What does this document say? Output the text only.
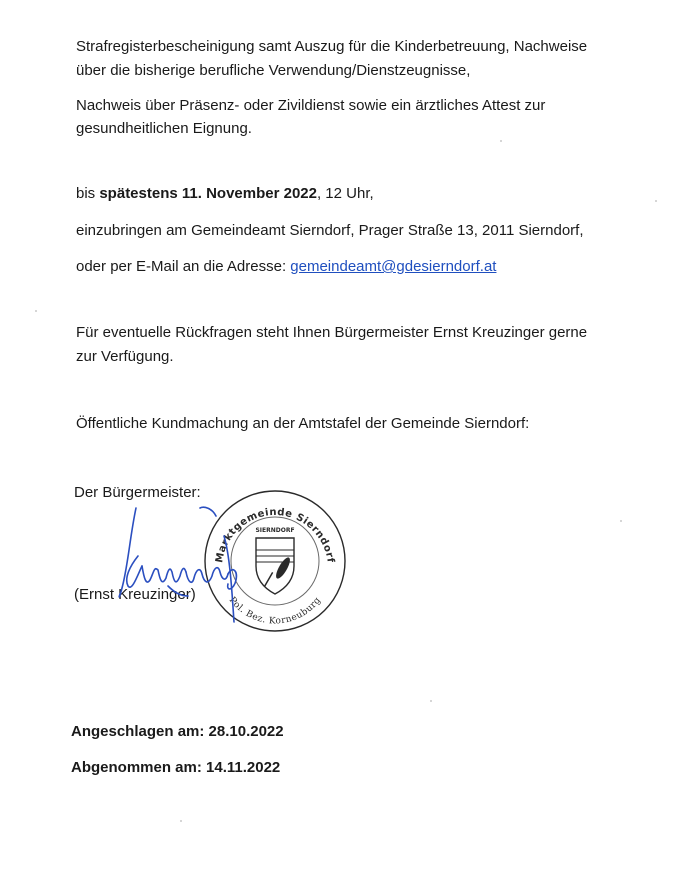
Strafregisterbescheinigung samt Auszug für die Kinderbetreuung, Nachweise
über die bisherige berufliche Verwendung/Dienstzeugnisse,
Nachweis über Präsenz- oder Zivildienst sowie ein ärztliches Attest zur
gesundheitlichen Eignung.
bis spätestens 11. November 2022, 12 Uhr,
einzubringen am Gemeindeamt Sierndorf, Prager Straße 13, 2011 Sierndorf,
oder per E-Mail an die Adresse: gemeindeamt@gdesierndorf.at
Für eventuelle Rückfragen steht Ihnen Bürgermeister Ernst Kreuzinger gerne
zur Verfügung.
Öffentliche Kundmachung an der Amtstafel der Gemeinde Sierndorf:
Der Bürgermeister:
(Ernst Kreuzinger)
Marktgemeinde Sierndorf
SIERNDORF
Pol. Bez. Korneuburg
Angeschlagen am: 28.10.2022
Abgenommen am: 14.11.2022
